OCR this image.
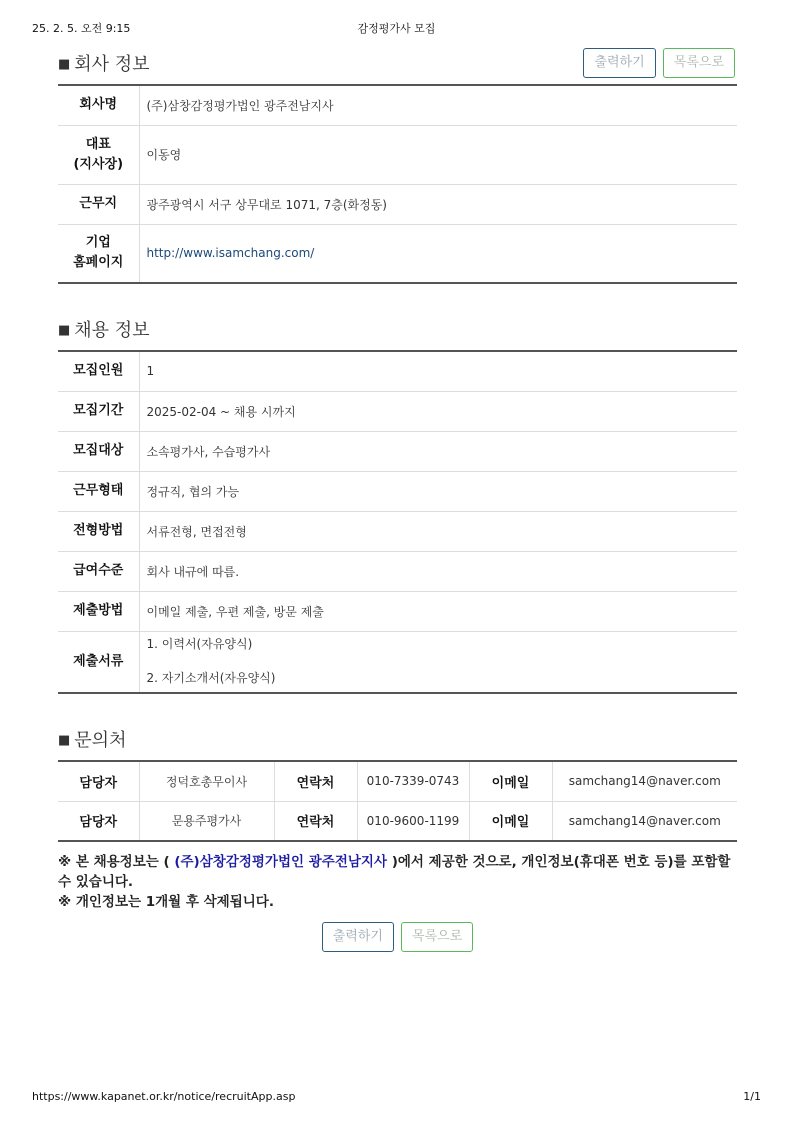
25. 2. 5. 오전 9:15	감정평가사 모집
■ 회사 정보	출력하기 목록으로
회사명	(주)삼창감정평가법인 광주전남지사
대표
(지사장)	이동영
근무지	광주광역시 서구 상무대로 1071, 7층(화정동)
기업
홈페이지	http://www.isamchang.com/
■ 채용 정보
모집인원	1
모집기간	2025-02-04 ~ 채용 시까지
모집대상	소속평가사, 수습평가사
근무형태	정규직, 협의 가능
전형방법	서류전형, 면접전형
급여수준	회사 내규에 따름.
제출방법	이메일 제출, 우편 제출, 방문 제출
제출서류	1. 이력서(자유양식)
2. 자기소개서(자유양식)
■ 문의처
담당자	정덕호총무이사	연락처	010-7339-0743	이메일	samchang14@naver.com
담당자	문용주평가사	연락처	010-9600-1199	이메일	samchang14@naver.com
※ 본 채용정보는 ( (주)삼창감정평가법인 광주전남지사 )에서 제공한 것으로, 개인정보(휴대폰 번호 등)를 포함할 수 있습니다.
※ 개인정보는 1개월 후 삭제됩니다.
출력하기 목록으로
https://www.kapanet.or.kr/notice/recruitApp.asp	1/1
